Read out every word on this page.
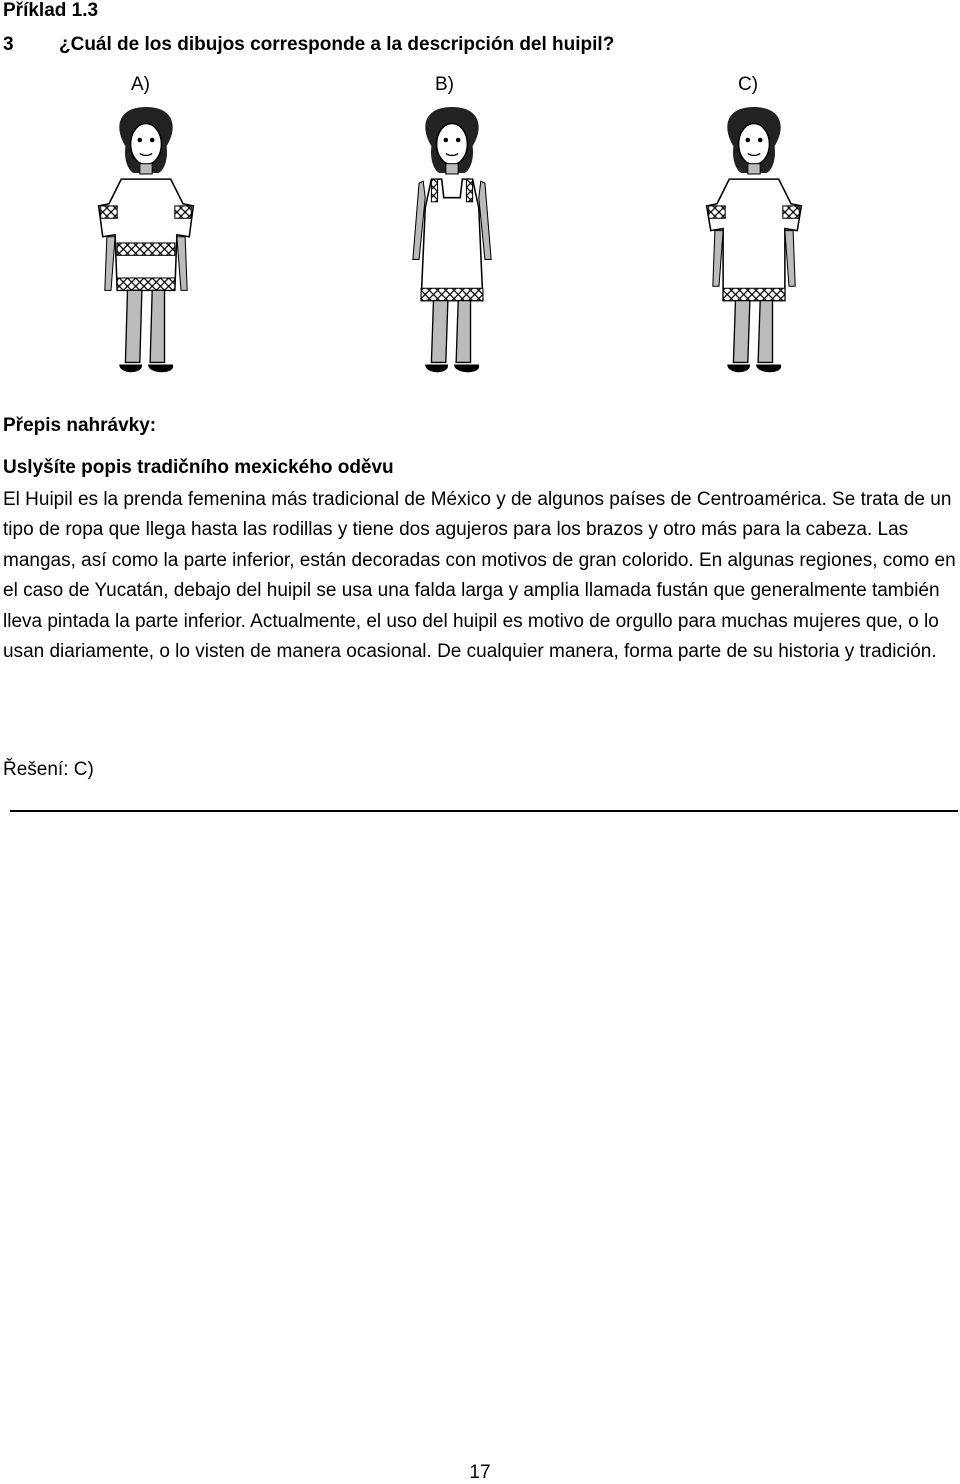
Příklad 1.3

3 ¿Cuál de los dibujos corresponde a la descripción del huipil?

A)	B)	C)
Přepis nahrávky:
Uslyšíte popis tradičního mexického oděvu

El Huipil es la prenda femenina más tradicional de México y de algunos países de Centroamérica. Se trata de un tipo de ropa que llega hasta las rodillas y tiene dos agujeros para los brazos y otro más para la cabeza. Las mangas, así como la parte inferior, están decoradas con motivos de gran colorido. En algunas regiones, como en el caso de Yucatán, debajo del huipil se usa una falda larga y amplia llamada fustán que generalmente también lleva pintada la parte inferior. Actualmente, el uso del huipil es motivo de orgullo para muchas mujeres que, o lo usan diariamente, o lo visten de manera ocasional. De cualquier manera, forma parte de su historia y tradición.

Řešení: C)

17
